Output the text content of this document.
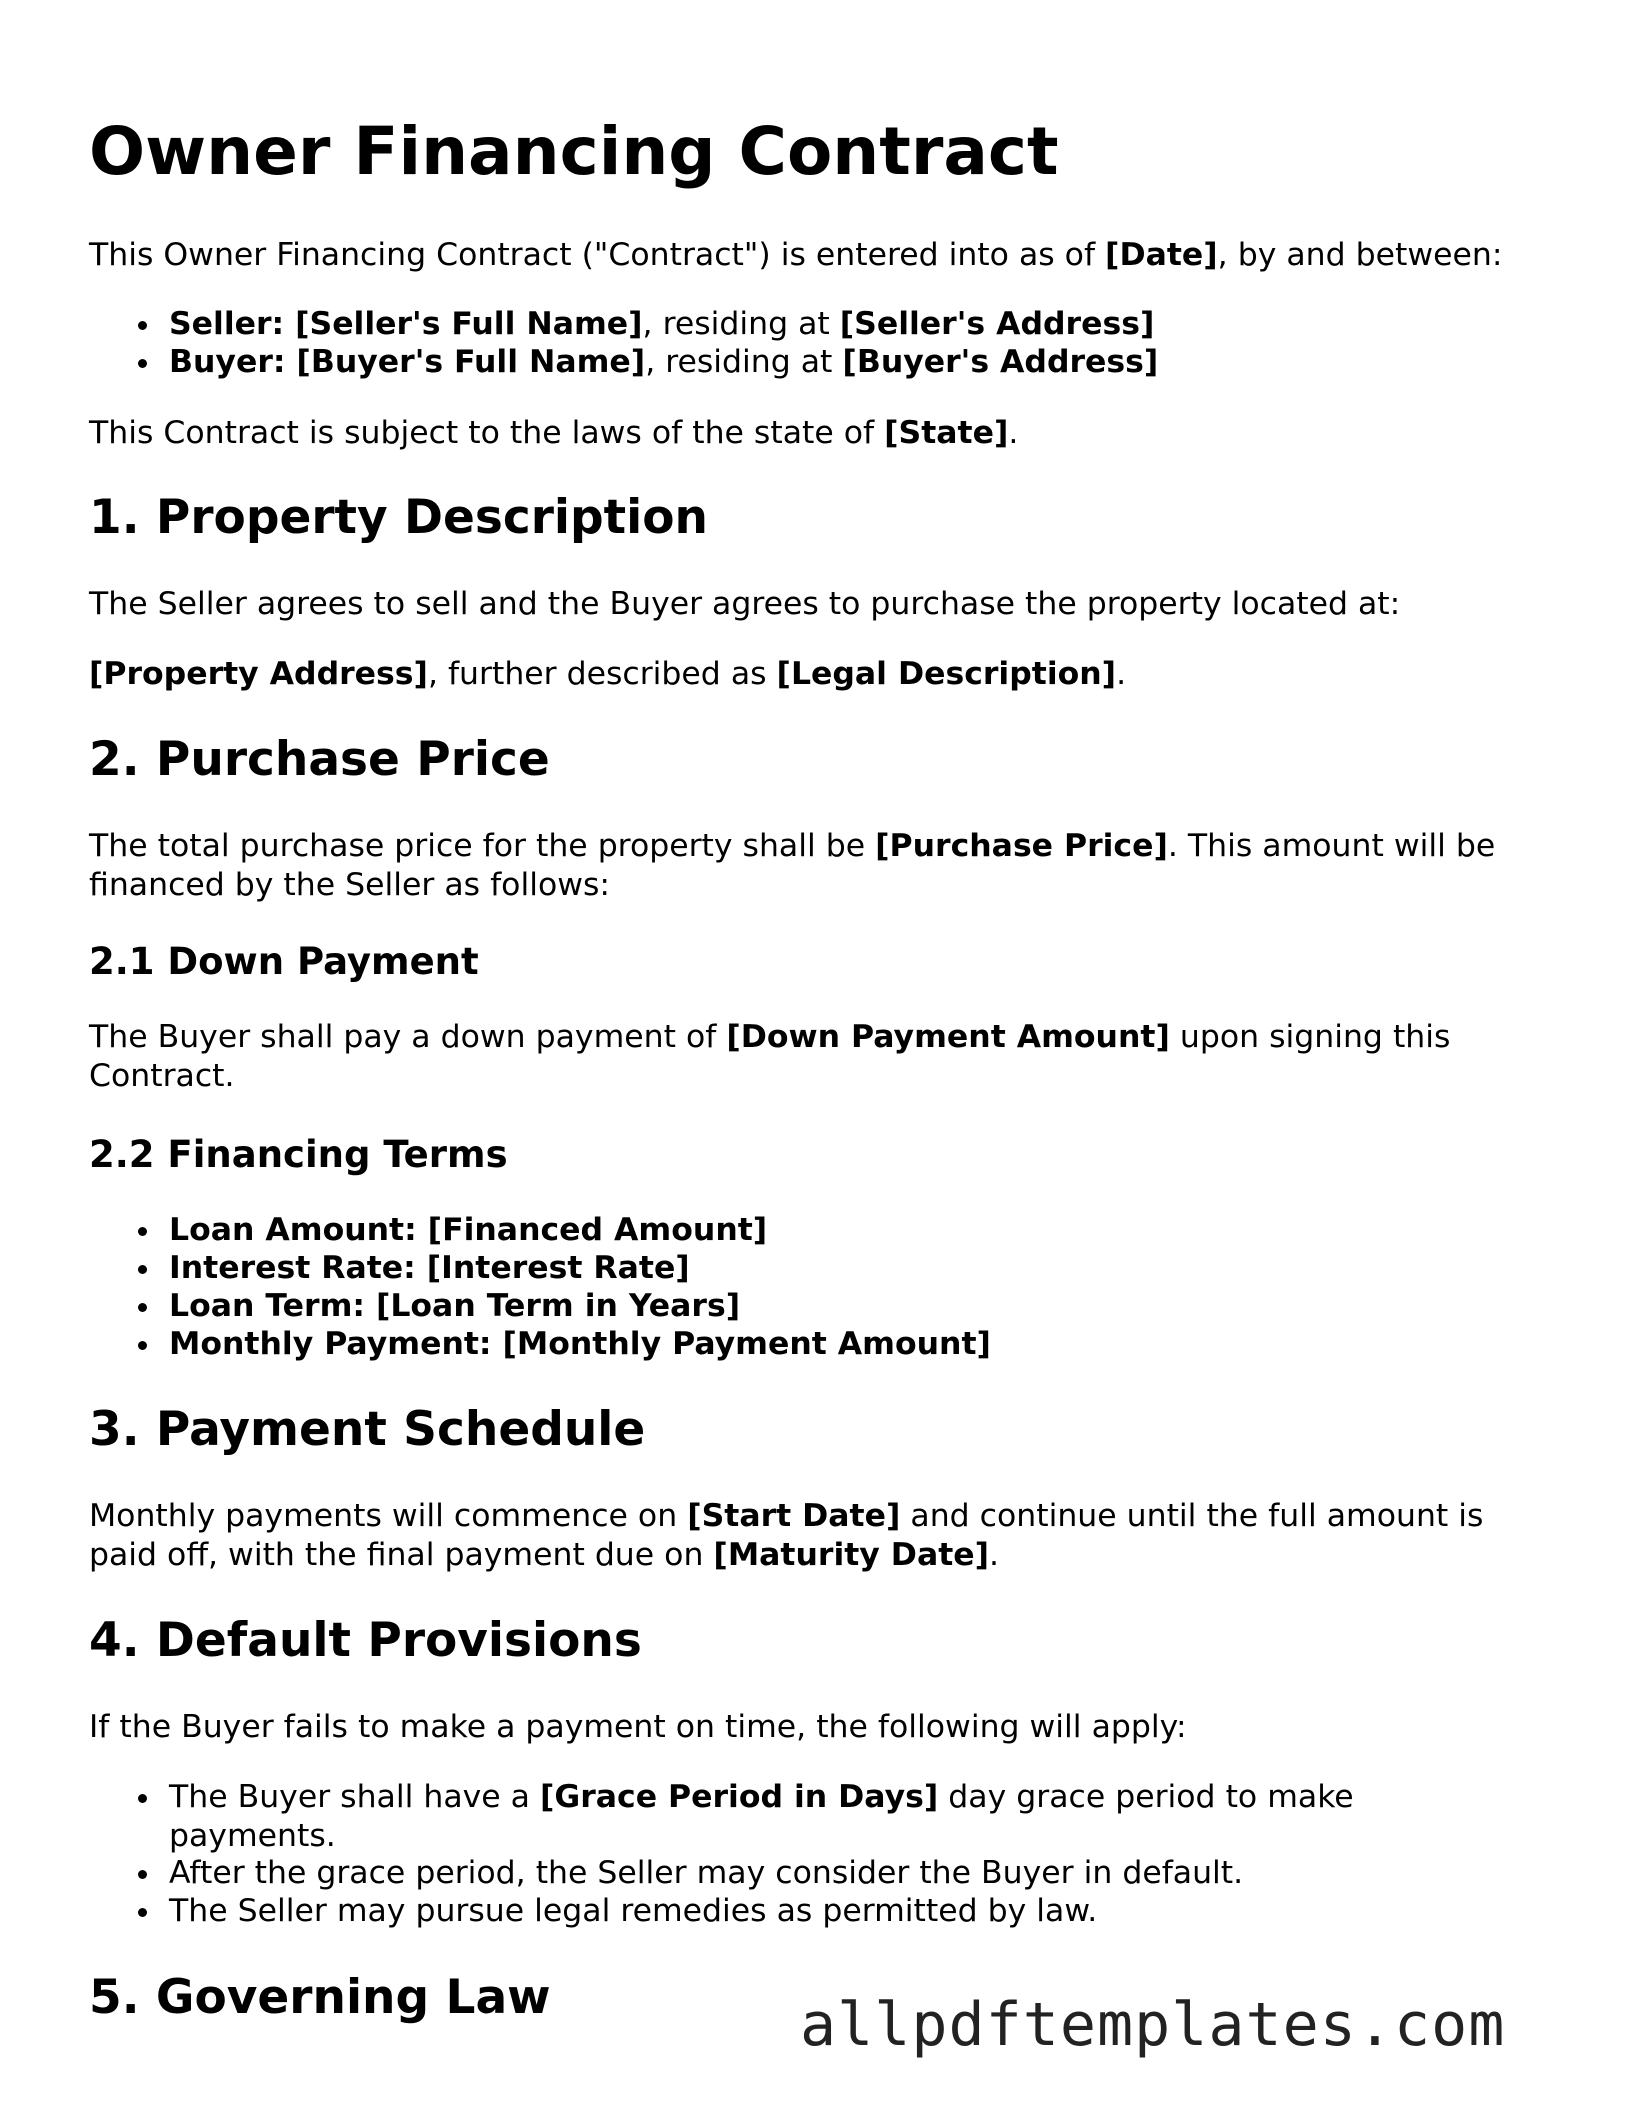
Owner Financing Contract

This Owner Financing Contract ("Contract") is entered into as of [Date], by and between:

Seller: [Seller's Full Name], residing at [Seller's Address]
Buyer: [Buyer's Full Name], residing at [Buyer's Address]

This Contract is subject to the laws of the state of [State].

1. Property Description

The Seller agrees to sell and the Buyer agrees to purchase the property located at:

[Property Address], further described as [Legal Description].

2. Purchase Price

The total purchase price for the property shall be [Purchase Price]. This amount will be financed by the Seller as follows:

2.1 Down Payment

The Buyer shall pay a down payment of [Down Payment Amount] upon signing this Contract.

2.2 Financing Terms
Loan Amount: [Financed Amount]
Interest Rate: [Interest Rate]
Loan Term: [Loan Term in Years]
Monthly Payment: [Monthly Payment Amount]
3. Payment Schedule

Monthly payments will commence on [Start Date] and continue until the full amount is paid off, with the final payment due on [Maturity Date].

4. Default Provisions

If the Buyer fails to make a payment on time, the following will apply:

The Buyer shall have a [Grace Period in Days] day grace period to make payments.
After the grace period, the Seller may consider the Buyer in default.
The Seller may pursue legal remedies as permitted by law.
5. Governing Law	allpdftemplates.com
